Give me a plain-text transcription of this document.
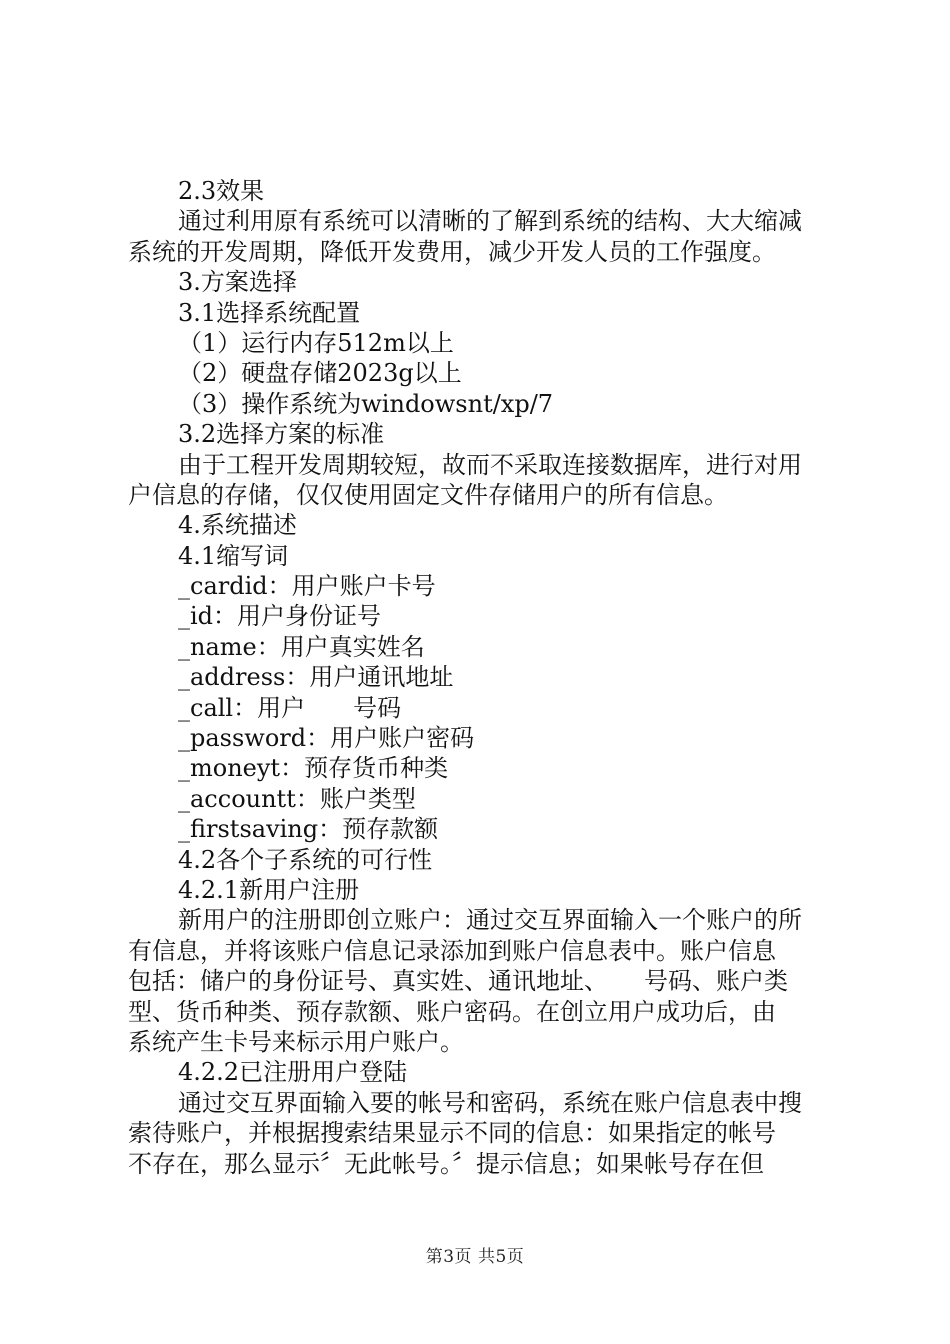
2.3效果
通过利用原有系统可以清晰的了解到系统的结构、大大缩减
系统的开发周期，降低开发费用，减少开发人员的工作强度。
3.方案选择
3.1选择系统配置
（1）运行内存512m以上
（2）硬盘存储2023g以上
（3）操作系统为windowsnt/xp/7
3.2选择方案的标准
由于工程开发周期较短，故而不采取连接数据库，进行对用
户信息的存储，仅仅使用固定文件存储用户的所有信息。
4.系统描述
4.1缩写词
_cardid：用户账户卡号
_id：用户身份证号
_name：用户真实姓名
_address：用户通讯地址
_call：用户　　号码
_password：用户账户密码
_moneyt：预存货币种类
_accountt：账户类型
_firstsaving：预存款额
4.2各个子系统的可行性
4.2.1新用户注册
新用户的注册即创立账户：通过交互界面输入一个账户的所
有信息，并将该账户信息记录添加到账户信息表中。账户信息
包括：储户的身份证号、真实姓、通讯地址、　　号码、账户类
型、货币种类、预存款额、账户密码。在创立用户成功后，由
系统产生卡号来标示用户账户。
4.2.2已注册用户登陆
通过交互界面输入要的帐号和密码，系统在账户信息表中搜
索待账户，并根据搜索结果显示不同的信息：如果指定的帐号
不存在，那么显示〞无此帐号。〞提示信息；如果帐号存在但
第3页 共5页
